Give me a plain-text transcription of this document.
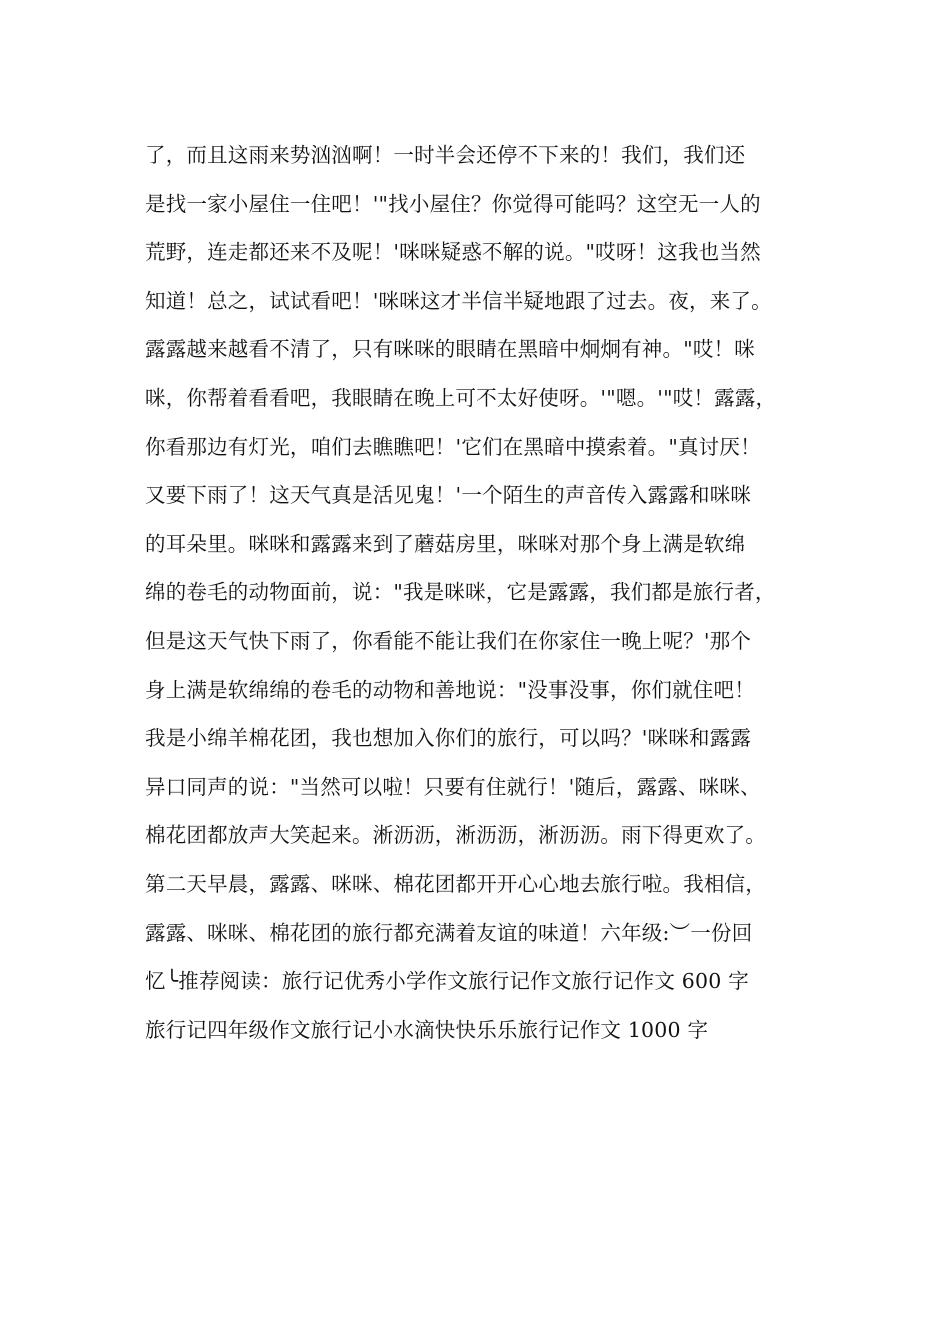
了，而且这雨来势汹汹啊！一时半会还停不下来的！我们，我们还
是找一家小屋住一住吧！'"找小屋住？你觉得可能吗？这空无一人的
荒野，连走都还来不及呢！'咪咪疑惑不解的说。"哎呀！这我也当然
知道！总之，试试看吧！'咪咪这才半信半疑地跟了过去。夜，来了。
露露越来越看不清了，只有咪咪的眼睛在黑暗中炯炯有神。"哎！咪
咪，你帮着看看吧，我眼睛在晚上可不太好使呀。'"嗯。'"哎！露露，
你看那边有灯光，咱们去瞧瞧吧！'它们在黑暗中摸索着。"真讨厌！
又要下雨了！这天气真是活见鬼！'一个陌生的声音传入露露和咪咪
的耳朵里。咪咪和露露来到了蘑菇房里，咪咪对那个身上满是软绵
绵的卷毛的动物面前，说："我是咪咪，它是露露，我们都是旅行者，
但是这天气快下雨了，你看能不能让我们在你家住一晚上呢？'那个
身上满是软绵绵的卷毛的动物和善地说："没事没事，你们就住吧！
我是小绵羊棉花团，我也想加入你们的旅行，可以吗？'咪咪和露露
异口同声的说："当然可以啦！只要有住就行！'随后，露露、咪咪、
棉花团都放声大笑起来。淅沥沥，淅沥沥，淅沥沥。雨下得更欢了。
第二天早晨，露露、咪咪、棉花团都开开心心地去旅行啦。我相信，
露露、咪咪、棉花团的旅行都充满着友谊的味道！六年级:︶一份回
忆╰推荐阅读：旅行记优秀小学作文旅行记作文旅行记作文 600 字
旅行记四年级作文旅行记小水滴快快乐乐旅行记作文 1000 字
